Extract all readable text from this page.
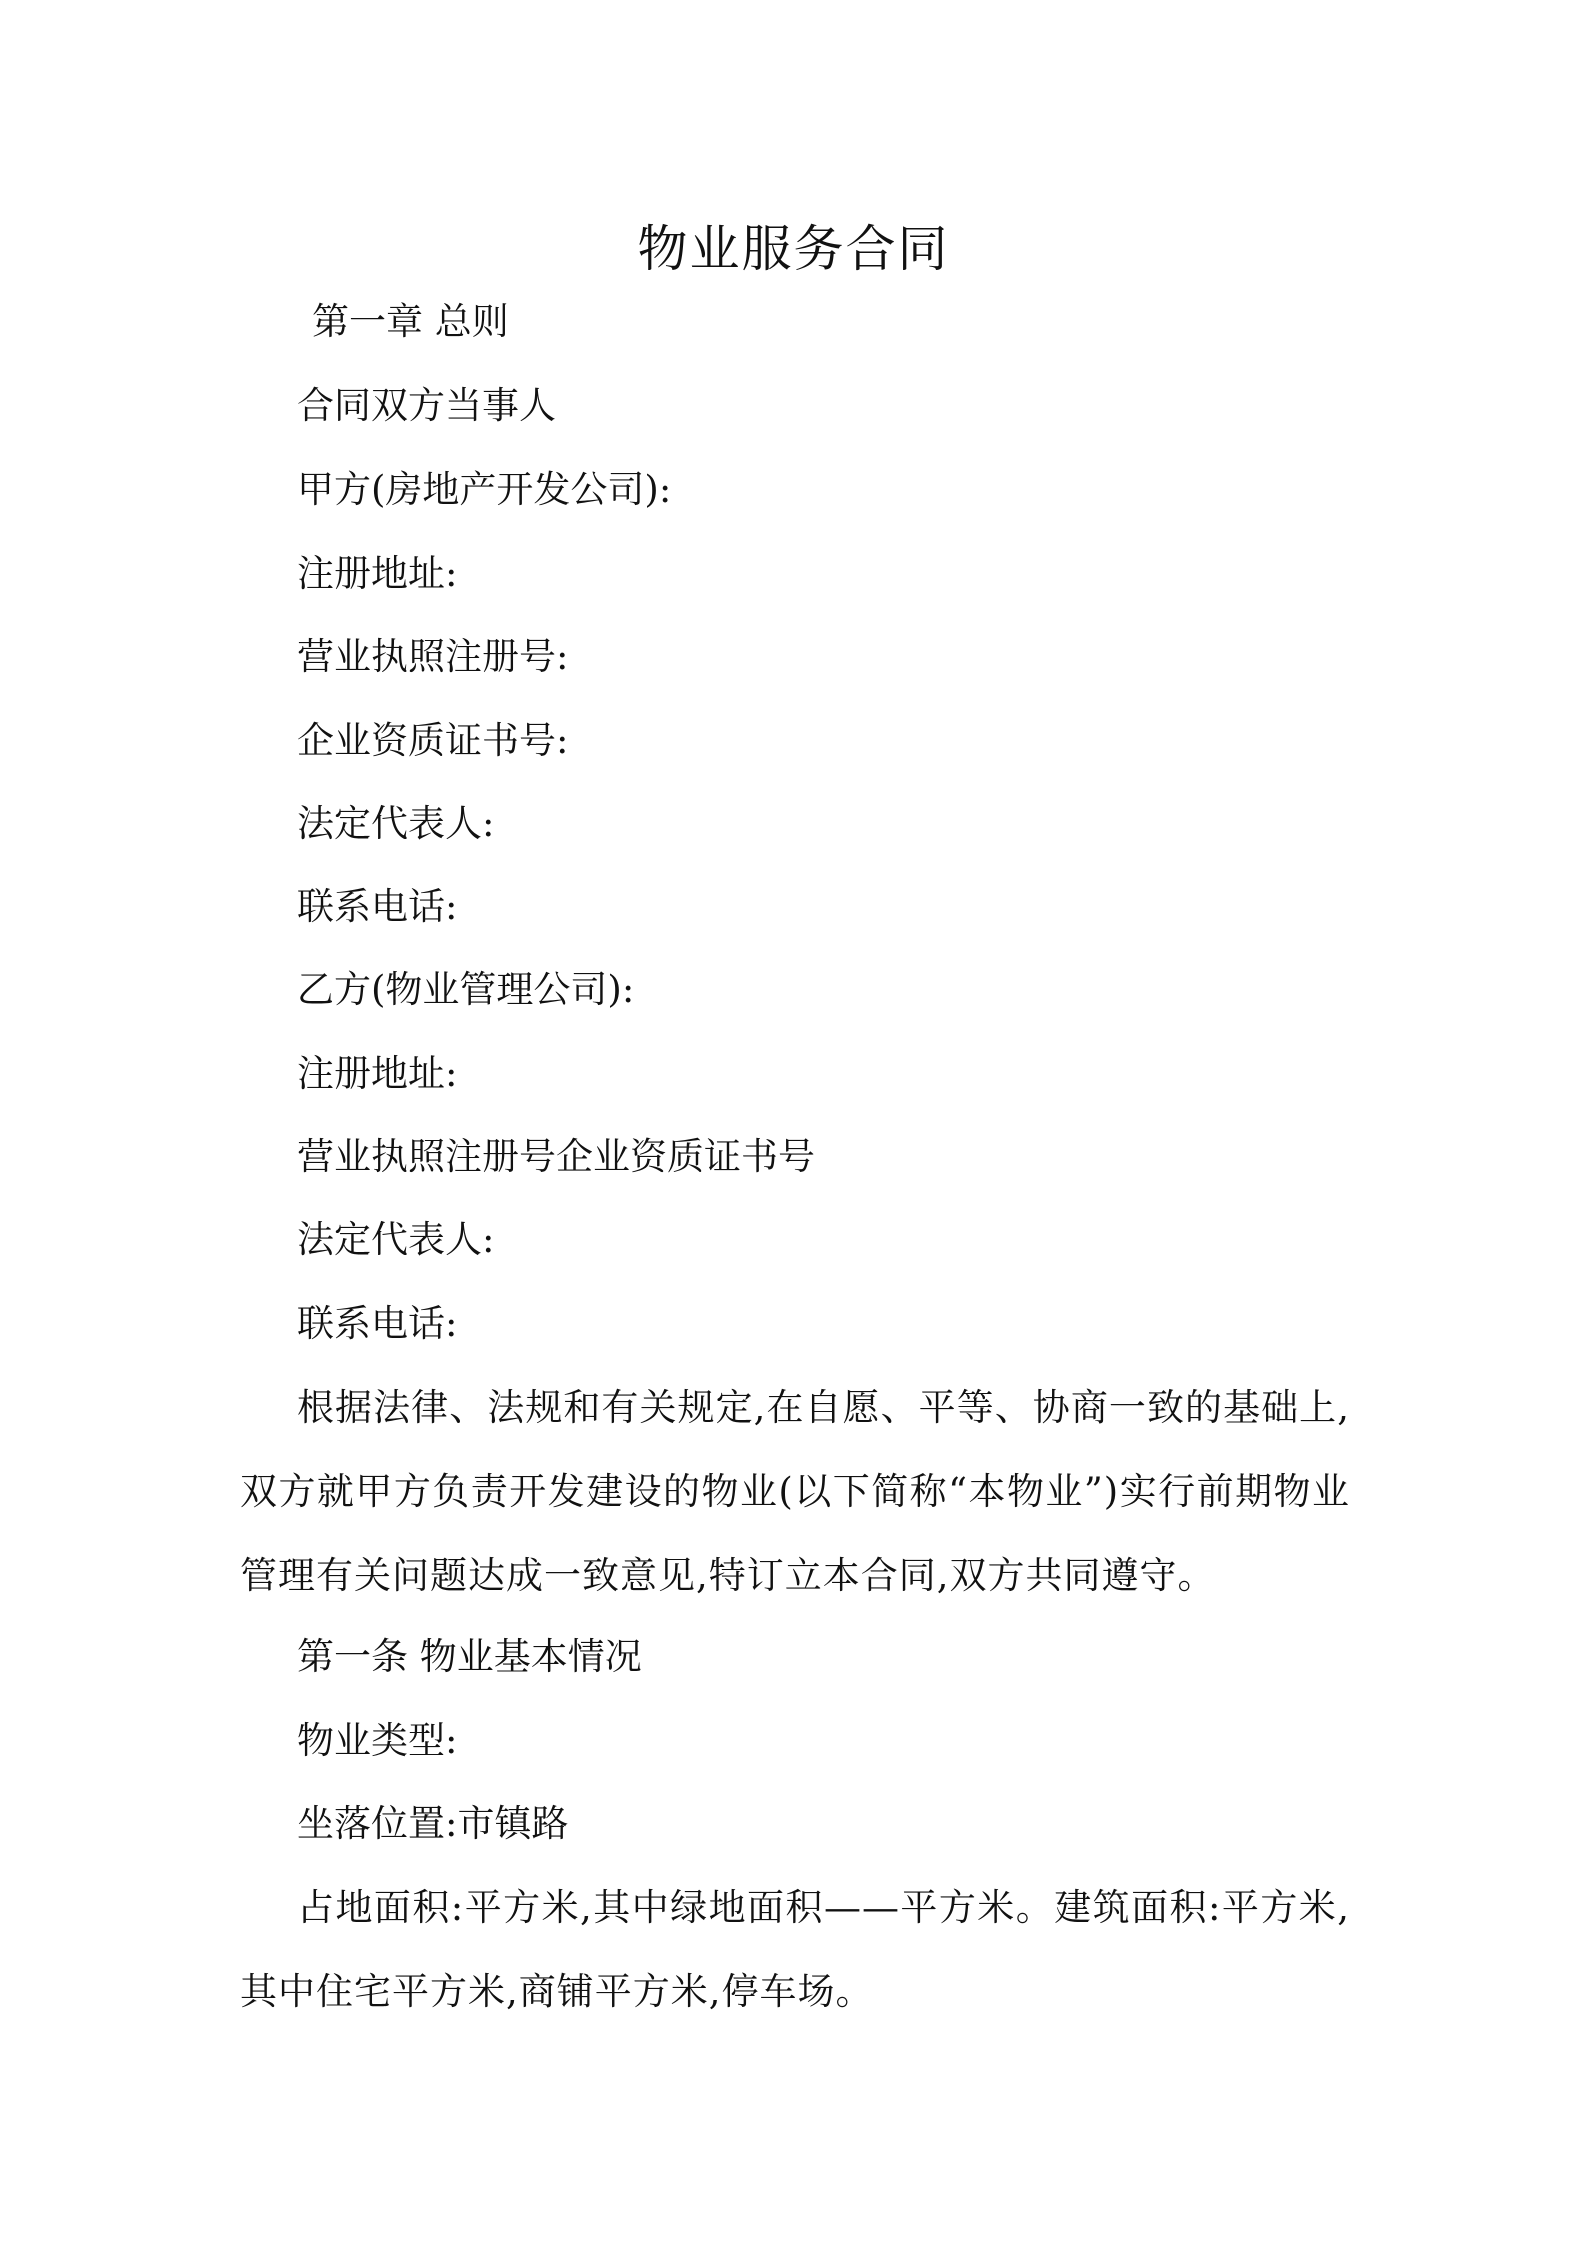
物业服务合同
第一章 总则
合同双方当事人
甲方(房地产开发公司):
注册地址:
营业执照注册号:
企业资质证书号:
法定代表人:
联系电话:
乙方(物业管理公司):
注册地址:
营业执照注册号企业资质证书号
法定代表人:
联系电话:
根据法律、法规和有关规定,在自愿、平等、协商一致的基础上,双方就甲方负责开发建设的物业(以下简称“本物业”)实行前期物业管理有关问题达成一致意见,特订立本合同,双方共同遵守。
第一条 物业基本情况
物业类型:
坐落位置:市镇路
占地面积:平方米,其中绿地面积——平方米。建筑面积:平方米,其中住宅平方米,商铺平方米,停车场。
